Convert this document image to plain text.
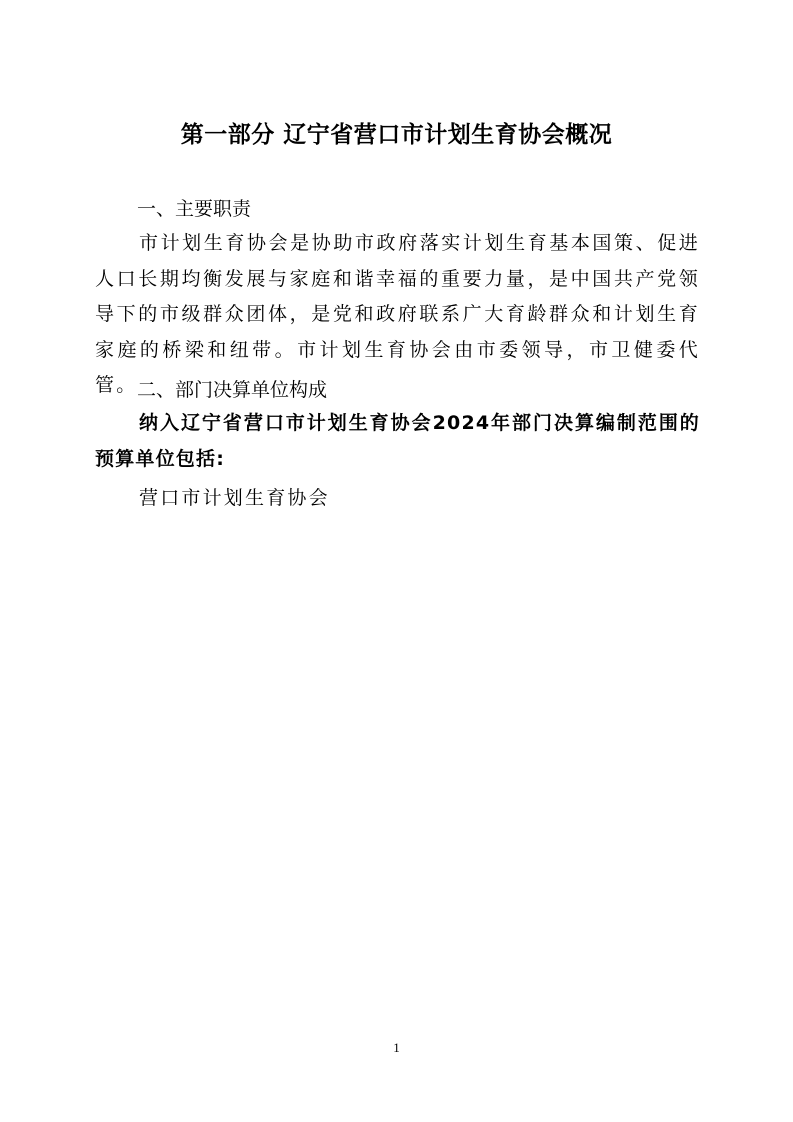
第一部分 辽宁省营口市计划生育协会概况
一、主要职责
市计划生育协会是协助市政府落实计划生育基本国策、促进人口长期均衡发展与家庭和谐幸福的重要力量，是中国共产党领导下的市级群众团体，是党和政府联系广大育龄群众和计划生育家庭的桥梁和纽带。市计划生育协会由市委领导，市卫健委代管。 二、部门决算单位构成
纳入辽宁省营口市计划生育协会2024年部门决算编制范围的预算单位包括:
营口市计划生育协会
1
